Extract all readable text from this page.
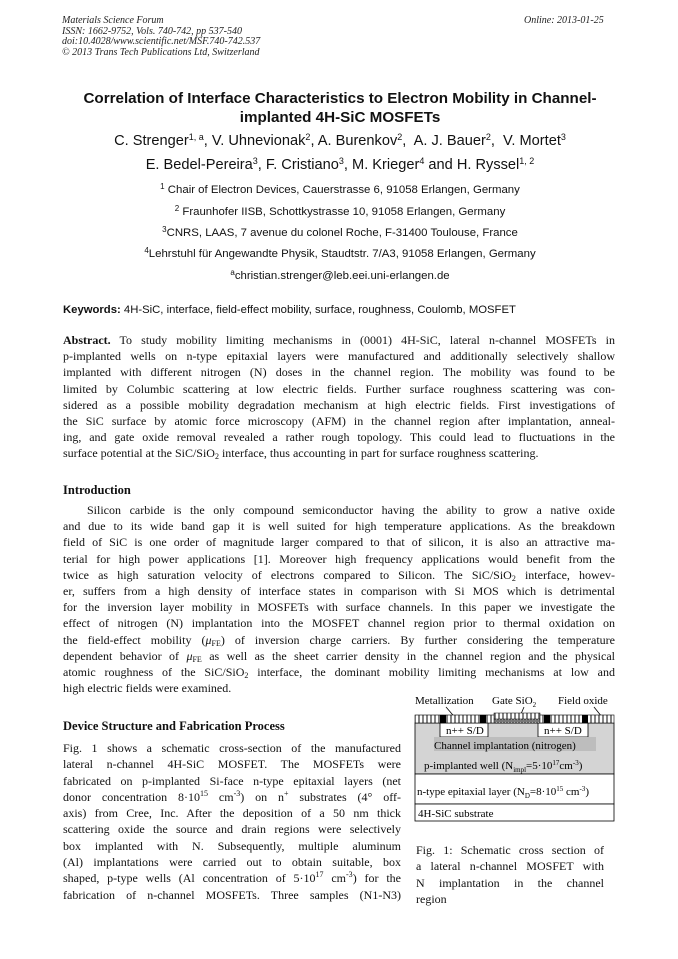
Materials Science Forum
ISSN: 1662-9752, Vols. 740-742, pp 537-540
doi:10.4028/www.scientific.net/MSF.740-742.537
© 2013 Trans Tech Publications Ltd, Switzerland
Online: 2013-01-25
Correlation of Interface Characteristics to Electron Mobility in Channel-
implanted 4H-SiC MOSFETs
C. Strenger$^{1, a}$, V. Uhnevionak$^2$, A. Burenkov$^2$,  A. J. Bauer$^2$,  V. Mortet$^3$
E. Bedel-Pereira$^3$, F. Cristiano$^3$, M. Krieger$^4$ and H. Ryssel$^{1, 2}$
$^1$ Chair of Electron Devices, Cauerstrasse 6, 91058 Erlangen, Germany
$^2$ Fraunhofer IISB, Schottkystrasse 10, 91058 Erlangen, Germany
$^3$CNRS, LAAS, 7 avenue du colonel Roche, F-31400 Toulouse, France
$^4$Lehrstuhl für Angewandte Physik, Staudtstr. 7/A3, 91058 Erlangen, Germany
$^a$christian.strenger@leb.eei.uni-erlangen.de
Keywords: 4H-SiC, interface, field-effect mobility, surface, roughness, Coulomb, MOSFET
Abstract. To study mobility limiting mechanisms in (0001) 4H-SiC, lateral n-channel MOSFETs in
p-implanted wells on n-type epitaxial layers were manufactured and additionally selectively shallow
implanted with different nitrogen (N) doses in the channel region. The mobility was found to be
limited by Columbic scattering at low electric fields. Further surface roughness scattering was con-
sidered as a possible mobility degradation mechanism at high electric fields. First investigations of
the SiC surface by atomic force microscopy (AFM) in the channel region after implantation, anneal-
ing, and gate oxide removal revealed a rather rough topology. This could lead to fluctuations in the
surface potential at the SiC/SiO$_2$ interface, thus accounting in part for surface roughness scattering.
Introduction
Silicon carbide is the only compound semiconductor having the ability to grow a native oxide
and due to its wide band gap it is well suited for high temperature applications. As the breakdown
field of SiC is one order of magnitude larger compared to that of silicon, it is also an attractive ma-
terial for high power applications [1]. Moreover high frequency applications would benefit from the
twice as high saturation velocity of electrons compared to Silicon. The SiC/SiO$_2$ interface, howev-
er, suffers from a high density of interface states in comparison with Si MOS which is detrimental
for the inversion layer mobility in MOSFETs with surface channels. In this paper we investigate the
effect of nitrogen (N) implantation into the MOSFET channel region prior to thermal oxidation on
the field-effect mobility $(\mu_{FE})$ of inversion charge carriers. By further considering the temperature
dependent behavior of $\mu_{FE}$ as well as the sheet carrier density in the channel region and the physical
atomic roughness of the SiC/SiO$_2$ interface, the dominant mobility limiting mechanisms at low and
high electric fields were examined.
Device Structure and Fabrication Process
Fig. 1 shows a schematic cross-section of the manufactured
lateral n-channel 4H-SiC MOSFET. The MOSFETs were
fabricated on p-implanted Si-face n-type epitaxial layers (net
donor concentration $8\cdot 10^{15}$ $cm^{-3}$) on n+ substrates (4° off-
axis) from Cree, Inc. After the deposition of a 50 nm thick
scattering oxide the source and drain regions were selectively
box implanted with N. Subsequently, multiple aluminum
(Al) implantations were carried out to obtain suitable, box
shaped, p-type wells (Al concentration of $5\cdot 10^{17}$ $cm^{-3}$) for the
fabrication of n-channel MOSFETs. Three samples (N1-N3)
Metallization Gate SiO$_2$ Field oxide
n++ S/D	n++ S/D
Channel implantation (nitrogen)
p-implanted well $(N_{impl}=5\cdot 10^{17}cm^{-3})$
n-type epitaxial layer ($N_D=8\cdot 10^{15}$ $cm^{-3}$)
4H-SiC substrate
Fig. 1: Schematic cross section of
a lateral n-channel MOSFET with
N implantation in the channel
region
